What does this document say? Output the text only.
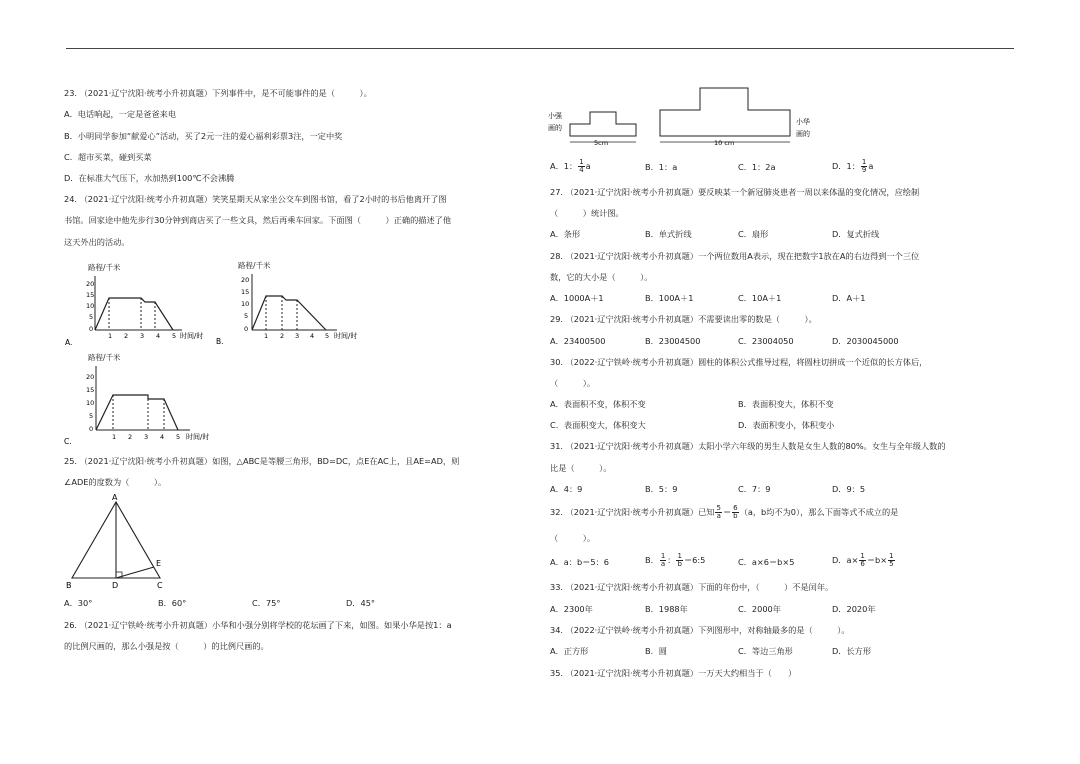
23. （2021·辽宁沈阳·统考小升初真题）下列事件中，是不可能事件的是（　　　）。
A．电话响起，一定是爸爸来电
B．小明同学参加“献爱心”活动，买了2元一注的爱心福利彩票3注，一定中奖
C．超市买菜，碰到买菜
D．在标准大气压下，水加热到100℃不会沸腾
24. （2021·辽宁沈阳·统考小升初真题）笑笑星期天从家坐公交车到图书馆，看了2小时的书后他离开了图
书馆。回家途中他先步行30分钟到商店买了一些文具，然后再乘车回家。下面图（　　　）正确的描述了他
这天外出的活动。
路程/千米
20
15
10
5
0
1 2 3 4 5 时间/时
A.
路程/千米
20
15
10
5
0
1 2 3 4 5 时间/时
B.
路程/千米
20
15
10
5
0
1 2 3 4 5 时间/时
C.
25. （2021·辽宁沈阳·统考小升初真题）如图，△ABC是等腰三角形，BD=DC，点E在AC上，且AE=AD，则
∠ADE的度数为（　　　）。
A
B	D	C
E
A．30°	B．60°	C．75°	D．45°
26. （2021·辽宁铁岭·统考小升初真题）小华和小强分别将学校的花坛画了下来，如图。如果小华是按1：a
的比例尺画的，那么小强是按（　　　）的比例尺画的。
小强
画的
5cm	10 cm
小华
画的
A．1： $\frac{1}{4}$ a	B．1：a	C．1：2a	D．1： $\frac{1}{9}$ a
27. （2021·辽宁沈阳·统考小升初真题）要反映某一个新冠肺炎患者一周以来体温的变化情况，应绘制
（　　　）统计图。
A．条形	B．单式折线	C．扇形	D．复式折线
28. （2021·辽宁沈阳·统考小升初真题）一个两位数用A表示，现在把数字1放在A的右边得到一个三位
数，它的大小是（　　　）。
A．1000A＋1	B．100A＋1	C．10A＋1	D．A＋1
29. （2021·辽宁沈阳·统考小升初真题）不需要读出零的数是（　　　）。
A．23400500	B．23004500	C．23004050	D．2030045000
30. （2022·辽宁铁岭·统考小升初真题）圆柱的体积公式推导过程，将圆柱切拼成一个近似的长方体后，
（　　　）。
A．表面积不变，体积不变	B．表面积变大，体积不变
C．表面积变大，体积变大	D．表面积变小，体积变小
31. （2021·辽宁沈阳·统考小升初真题）太阳小学六年级的男生人数是女生人数的80%。女生与全年级人数的
比是（　　　）。
A．4：9	B．5：9	C．7：9	D．9：5
32. （2021·辽宁沈阳·统考小升初真题）已知 $\frac{5}{a} = \frac{6}{b} (a$，b均不为0），那么下面等式不成立的是
（　　　）。
A．a：b＝5：6	B． $\frac{1}{a}$ ： $\frac{1}{b}$ ＝6:5	C．a×6＝b×5	D．$a\times \frac{1}{6} =b\times \frac{1}{5}$
33. （2021·辽宁沈阳·统考小升初真题）下面的年份中，（　　　）不是闰年。
A．2300年	B．1988年	C．2000年	D．2020年
34. （2022·辽宁铁岭·统考小升初真题）下列图形中，对称轴最多的是（　　　）。
A．正方形	B．圆	C．等边三角形	D．长方形
35. （2021·辽宁沈阳·统考小升初真题）一万天大约相当于（　　）
